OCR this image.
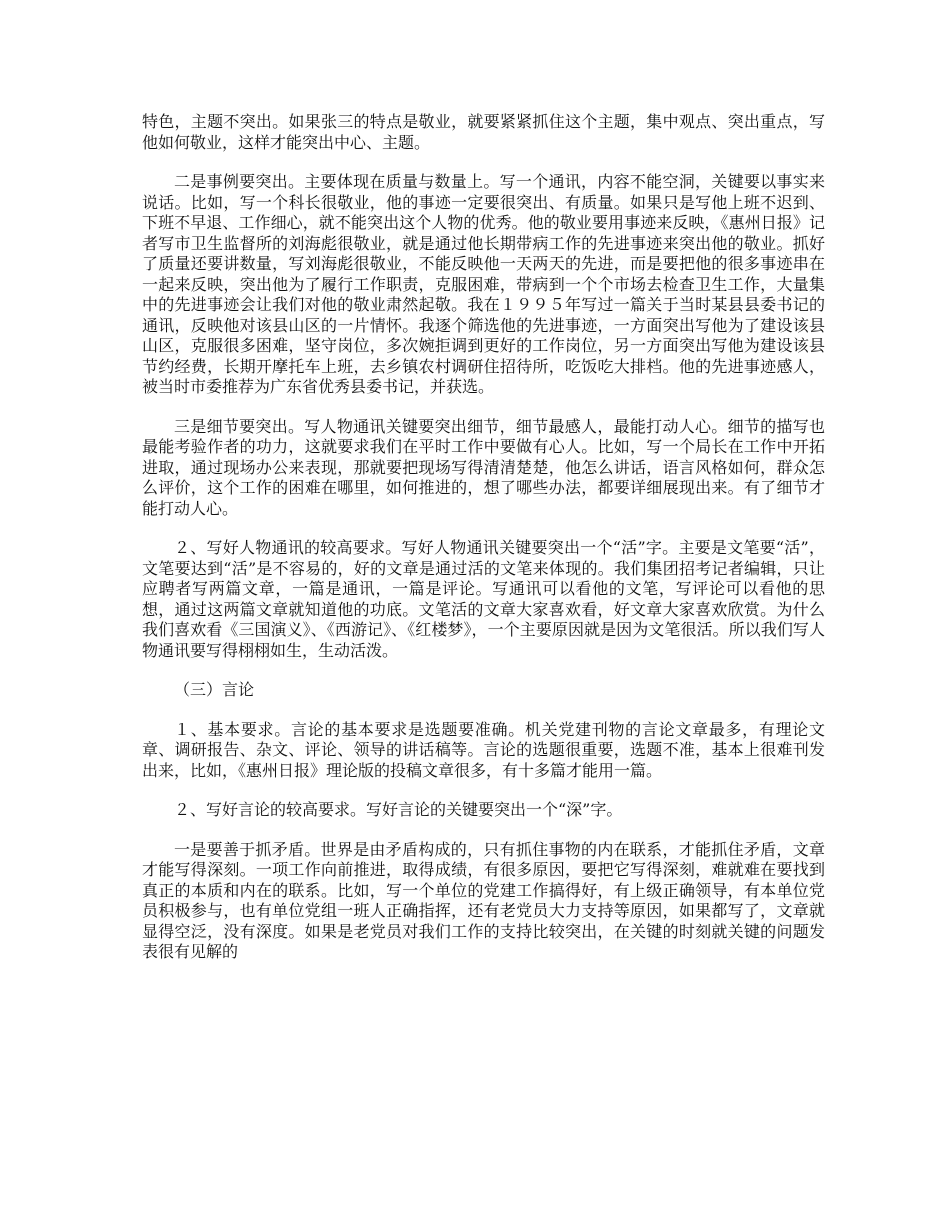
特色，主题不突出。如果张三的特点是敬业，就要紧紧抓住这个主题，集中观点、突出重点，写他如何敬业，这样才能突出中心、主题。

二是事例要突出。主要体现在质量与数量上。写一个通讯，内容不能空洞，关键要以事实来说话。比如，写一个科长很敬业，他的事迹一定要很突出、有质量。如果只是写他上班不迟到、下班不早退、工作细心，就不能突出这个人物的优秀。他的敬业要用事迹来反映，《惠州日报》记者写市卫生监督所的刘海彪很敬业，就是通过他长期带病工作的先进事迹来突出他的敬业。抓好了质量还要讲数量，写刘海彪很敬业，不能反映他一天两天的先进，而是要把他的很多事迹串在一起来反映，突出他为了履行工作职责，克服困难，带病到一个个市场去检查卫生工作，大量集中的先进事迹会让我们对他的敬业肃然起敬。我在１９９５年写过一篇关于当时某县县委书记的通讯，反映他对该县山区的一片情怀。我逐个筛选他的先进事迹，一方面突出写他为了建设该县山区，克服很多困难，坚守岗位，多次婉拒调到更好的工作岗位，另一方面突出写他为建设该县节约经费，长期开摩托车上班，去乡镇农村调研住招待所，吃饭吃大排档。他的先进事迹感人，被当时市委推荐为广东省优秀县委书记，并获选。

三是细节要突出。写人物通讯关键要突出细节，细节最感人，最能打动人心。细节的描写也最能考验作者的功力，这就要求我们在平时工作中要做有心人。比如，写一个局长在工作中开拓进取，通过现场办公来表现，那就要把现场写得清清楚楚，他怎么讲话，语言风格如何，群众怎么评价，这个工作的困难在哪里，如何推进的，想了哪些办法，都要详细展现出来。有了细节才能打动人心。

２、写好人物通讯的较高要求。写好人物通讯关键要突出一个“活”字。主要是文笔要“活”，文笔要达到“活”是不容易的，好的文章是通过活的文笔来体现的。我们集团招考记者编辑，只让应聘者写两篇文章，一篇是通讯，一篇是评论。写通讯可以看他的文笔，写评论可以看他的思想，通过这两篇文章就知道他的功底。文笔活的文章大家喜欢看，好文章大家喜欢欣赏。为什么我们喜欢看《三国演义》、《西游记》、《红楼梦》，一个主要原因就是因为文笔很活。所以我们写人物通讯要写得栩栩如生，生动活泼。

（三）言论

１、基本要求。言论的基本要求是选题要准确。机关党建刊物的言论文章最多，有理论文章、调研报告、杂文、评论、领导的讲话稿等。言论的选题很重要，选题不准，基本上很难刊发出来，比如，《惠州日报》理论版的投稿文章很多，有十多篇才能用一篇。

２、写好言论的较高要求。写好言论的关键要突出一个“深”字。

一是要善于抓矛盾。世界是由矛盾构成的，只有抓住事物的内在联系，才能抓住矛盾，文章才能写得深刻。一项工作向前推进，取得成绩，有很多原因，要把它写得深刻，难就难在要找到真正的本质和内在的联系。比如，写一个单位的党建工作搞得好，有上级正确领导，有本单位党员积极参与，也有单位党组一班人正确指挥，还有老党员大力支持等原因，如果都写了，文章就显得空泛，没有深度。如果是老党员对我们工作的支持比较突出，在关键的时刻就关键的问题发表很有见解的
